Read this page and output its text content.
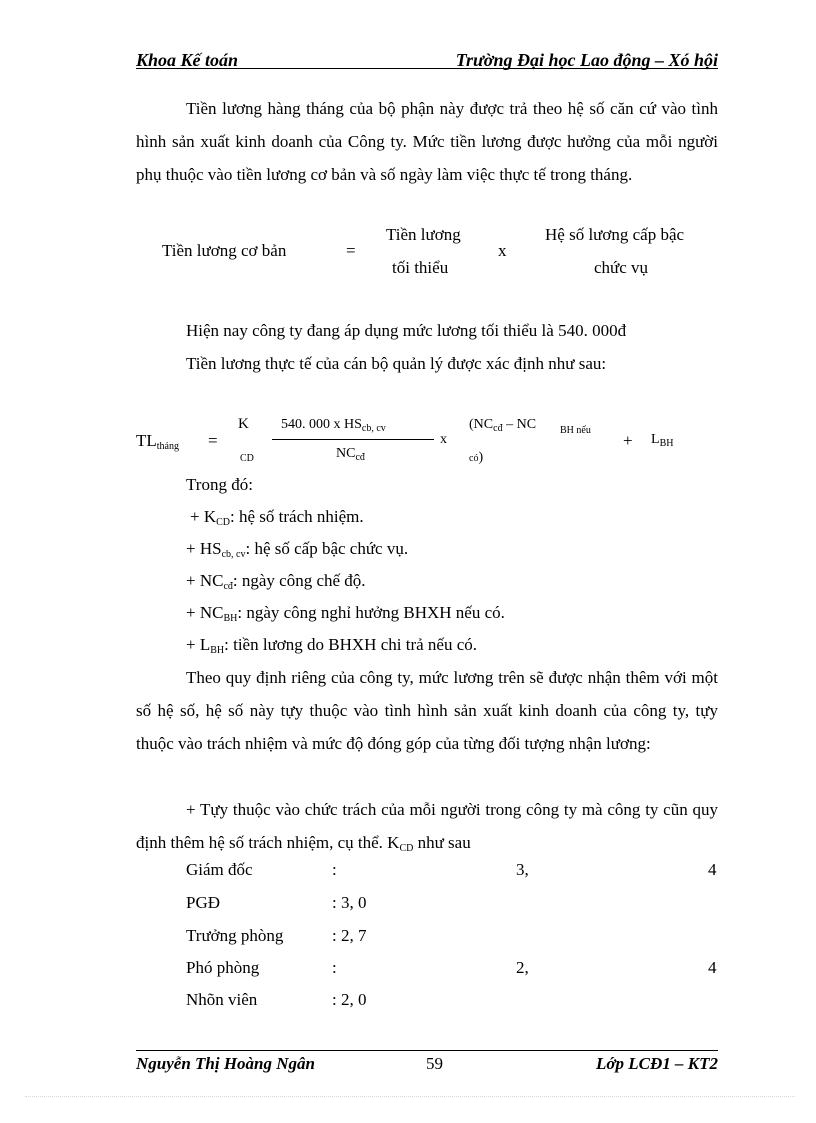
Khoa Kế toán	Trường Đại học Lao động – Xó hội

Tiền lương hàng tháng của bộ phận này được trả theo hệ số căn cứ vào tình hình sản xuất kinh doanh của Công ty. Mức tiền lương được hưởng của mỗi người phụ thuộc vào tiền lương cơ bản và số ngày làm việc thực tế trong tháng.

Tiền lương cơ bản	=
Tiền lương
tối thiểu
x
Hệ số lương cấp bậc
chức vụ
Hiện nay công ty đang áp dụng mức lương tối thiểu là 540. 000đ
Tiền lương thực tế của cán bộ quản lý được xác định như sau:
$TL_{tháng}$ =
K
CD
540. 000 x $HS_{cb, cv}$
$NC_{cđ}$
x
($NC_{cđ}$ – NC BH nếu
có)
+ $L_{BH}$
Trong đó:
+ $K_{CD}$: hệ số trách nhiệm.
+ $HS_{cb, cv}$: hệ số cấp bậc chức vụ.
+ $NC_{cđ}$: ngày công chế độ.
+ $NC_{BH}$: ngày công nghỉ hưởng BHXH nếu có.
+ $L_{BH}$: tiền lương do BHXH chi trả nếu có.

Theo quy định riêng của công ty, mức lương trên sẽ được nhận thêm với một số hệ số, hệ số này tựy thuộc vào tình hình sản xuất kinh doanh của công ty, tựy thuộc vào trách nhiệm và mức độ đóng góp của từng đối tượng nhận lương:

+ Tựy thuộc vào chức trách của mỗi người trong công ty mà công ty cũn quy định thêm hệ số trách nhiệm, cụ thể. $K_{CD}$ như sau

Giám đốc	:	3,	4
PGĐ	: 3, 0
Trưởng phòng	: 2, 7
Phó phòng	:	2,	4
Nhõn viên	: 2, 0
Nguyễn Thị Hoàng Ngân	59	Lớp LCĐ1 – KT2
